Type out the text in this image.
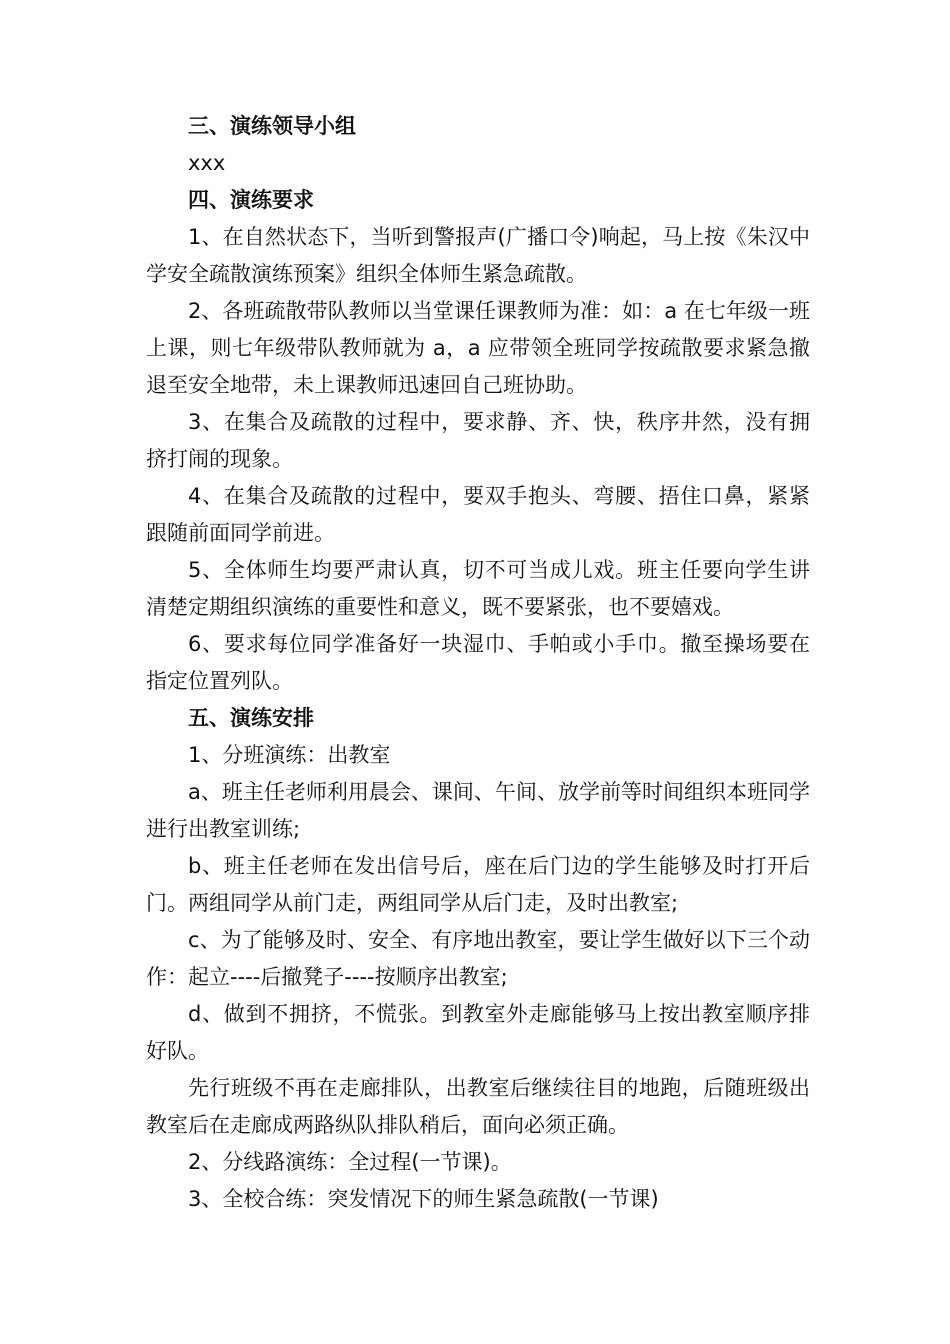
三、演练领导小组

xxx

四、演练要求

1、在自然状态下，当听到警报声(广播口令)响起，马上按《朱汉中学安全疏散演练预案》组织全体师生紧急疏散。

2、各班疏散带队教师以当堂课任课教师为准：如：a 在七年级一班上课，则七年级带队教师就为 a，a 应带领全班同学按疏散要求紧急撤退至安全地带，未上课教师迅速回自己班协助。

3、在集合及疏散的过程中，要求静、齐、快，秩序井然，没有拥挤打闹的现象。

4、在集合及疏散的过程中，要双手抱头、弯腰、捂住口鼻，紧紧跟随前面同学前进。

5、全体师生均要严肃认真，切不可当成儿戏。班主任要向学生讲清楚定期组织演练的重要性和意义，既不要紧张，也不要嬉戏。

6、要求每位同学准备好一块湿巾、手帕或小手巾。撤至操场要在指定位置列队。

五、演练安排

1、分班演练：出教室

a、班主任老师利用晨会、课间、午间、放学前等时间组织本班同学进行出教室训练;

b、班主任老师在发出信号后，座在后门边的学生能够及时打开后门。两组同学从前门走，两组同学从后门走，及时出教室;

c、为了能够及时、安全、有序地出教室，要让学生做好以下三个动作：起立----后撤凳子----按顺序出教室;

d、做到不拥挤，不慌张。到教室外走廊能够马上按出教室顺序排好队。

先行班级不再在走廊排队，出教室后继续往目的地跑，后随班级出教室后在走廊成两路纵队排队稍后，面向必须正确。

2、分线路演练：全过程(一节课)。

3、全校合练：突发情况下的师生紧急疏散(一节课)
